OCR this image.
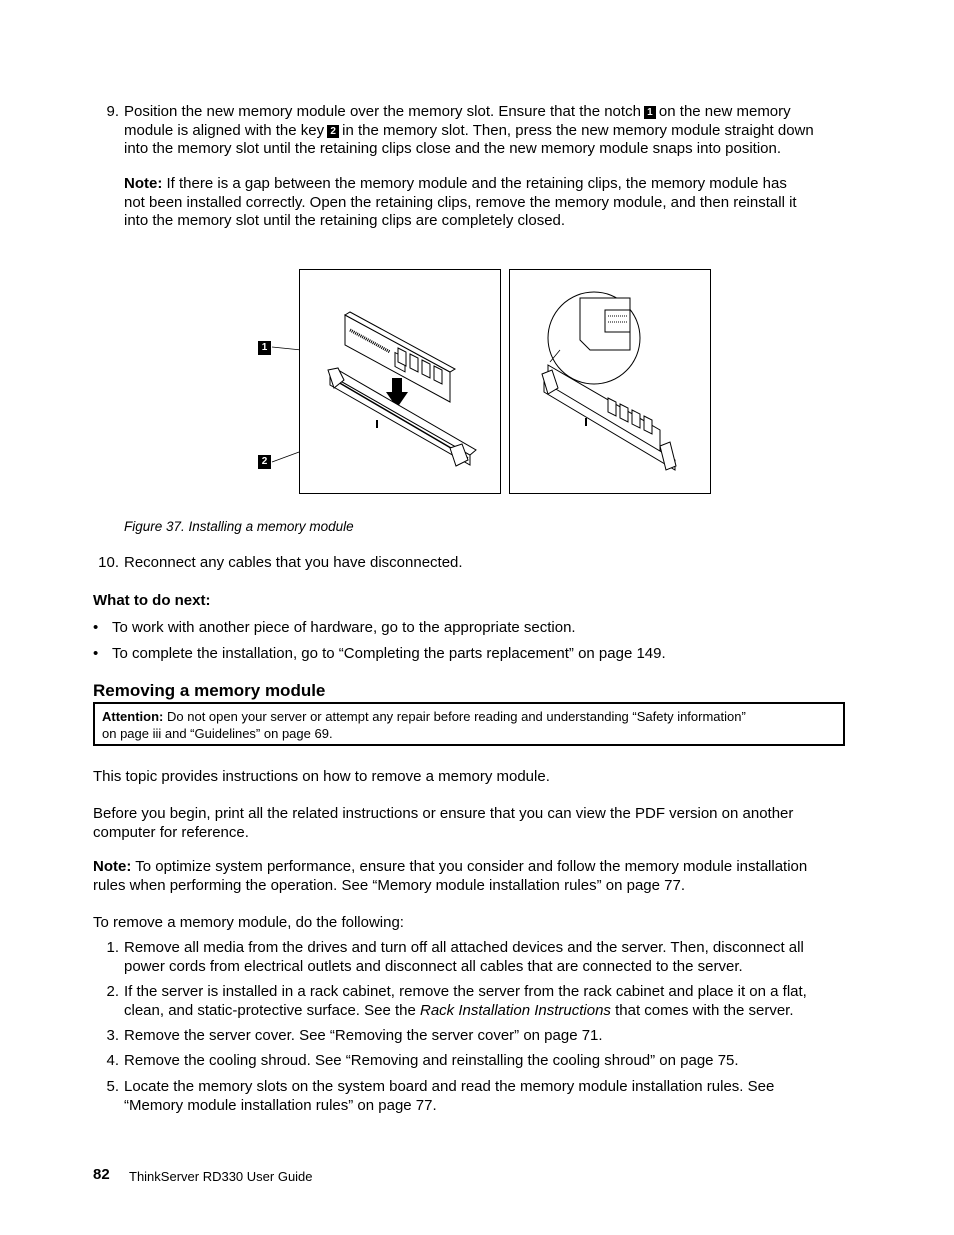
9. Position the new memory module over the memory slot. Ensure that the notch 1 on the new memory
module is aligned with the key 2 in the memory slot. Then, press the new memory module straight down
into the memory slot until the retaining clips close and the new memory module snaps into position.
Note: If there is a gap between the memory module and the retaining clips, the memory module has
not been installed correctly. Open the retaining clips, remove the memory module, and then reinstall it
into the memory slot until the retaining clips are completely closed.
1
2
Figure 37. Installing a memory module
10. Reconnect any cables that you have disconnected.
What to do next:
• To work with another piece of hardware, go to the appropriate section.
• To complete the installation, go to “Completing the parts replacement” on page 149.
Removing a memory module
Attention: Do not open your server or attempt any repair before reading and understanding “Safety information”
on page iii and “Guidelines” on page 69.
This topic provides instructions on how to remove a memory module.
Before you begin, print all the related instructions or ensure that you can view the PDF version on another
computer for reference.
Note: To optimize system performance, ensure that you consider and follow the memory module installation
rules when performing the operation. See “Memory module installation rules” on page 77.
To remove a memory module, do the following:
1. Remove all media from the drives and turn off all attached devices and the server. Then, disconnect all
power cords from electrical outlets and disconnect all cables that are connected to the server.
2. If the server is installed in a rack cabinet, remove the server from the rack cabinet and place it on a flat,
clean, and static-protective surface. See the Rack Installation Instructions that comes with the server.
3. Remove the server cover. See “Removing the server cover” on page 71.
4. Remove the cooling shroud. See “Removing and reinstalling the cooling shroud” on page 75.
5. Locate the memory slots on the system board and read the memory module installation rules. See
“Memory module installation rules” on page 77.
82 ThinkServer RD330 User Guide
